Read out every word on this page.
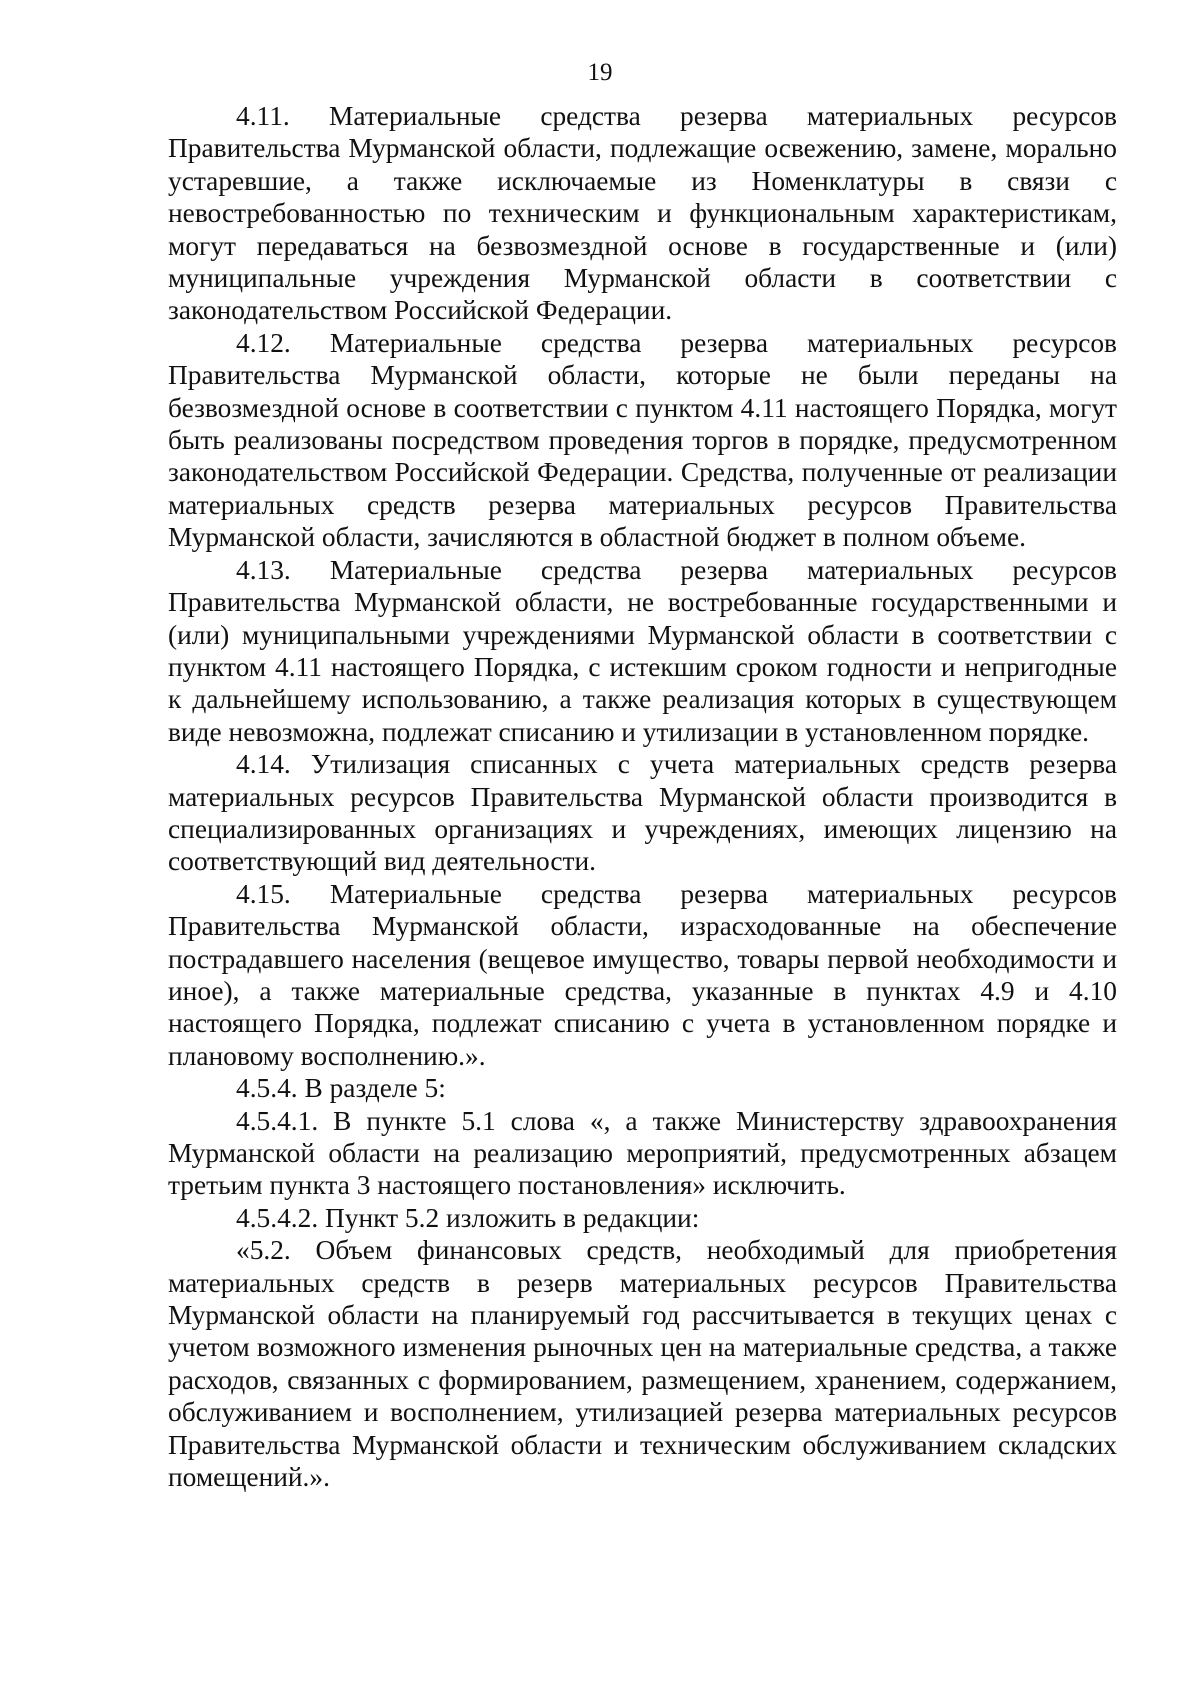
19

4.11. Материальные средства резерва материальных ресурсов Правительства Мурманской области, подлежащие освежению, замене, морально устаревшие, а также исключаемые из Номенклатуры в связи с невостребованностью по техническим и функциональным характеристикам, могут передаваться на безвозмездной основе в государственные и (или) муниципальные учреждения Мурманской области в соответствии с законодательством Российской Федерации.

4.12. Материальные средства резерва материальных ресурсов Правительства Мурманской области, которые не были переданы на безвозмездной основе в соответствии с пунктом 4.11 настоящего Порядка, могут быть реализованы посредством проведения торгов в порядке, предусмотренном законодательством Российской Федерации. Средства, полученные от реализации материальных средств резерва материальных ресурсов Правительства Мурманской области, зачисляются в областной бюджет в полном объеме.

4.13. Материальные средства резерва материальных ресурсов Правительства Мурманской области, не востребованные государственными и (или) муниципальными учреждениями Мурманской области в соответствии с пунктом 4.11 настоящего Порядка, с истекшим сроком годности и непригодные к дальнейшему использованию, а также реализация которых в существующем виде невозможна, подлежат списанию и утилизации в установленном порядке.

4.14. Утилизация списанных с учета материальных средств резерва материальных ресурсов Правительства Мурманской области производится в специализированных организациях и учреждениях, имеющих лицензию на соответствующий вид деятельности.

4.15. Материальные средства резерва материальных ресурсов Правительства Мурманской области, израсходованные на обеспечение пострадавшего населения (вещевое имущество, товары первой необходимости и иное), а также материальные средства, указанные в пунктах 4.9 и 4.10 настоящего Порядка, подлежат списанию с учета в установленном порядке и плановому восполнению.».

4.5.4. В разделе 5:

4.5.4.1. В пункте 5.1 слова «, а также Министерству здравоохранения Мурманской области на реализацию мероприятий, предусмотренных абзацем третьим пункта 3 настоящего постановления» исключить.

4.5.4.2. Пункт 5.2 изложить в редакции:

«5.2. Объем финансовых средств, необходимый для приобретения материальных средств в резерв материальных ресурсов Правительства Мурманской области на планируемый год рассчитывается в текущих ценах с учетом возможного изменения рыночных цен на материальные средства, а также расходов, связанных с формированием, размещением, хранением, содержанием, обслуживанием и восполнением, утилизацией резерва материальных ресурсов Правительства Мурманской области и техническим обслуживанием складских помещений.».
